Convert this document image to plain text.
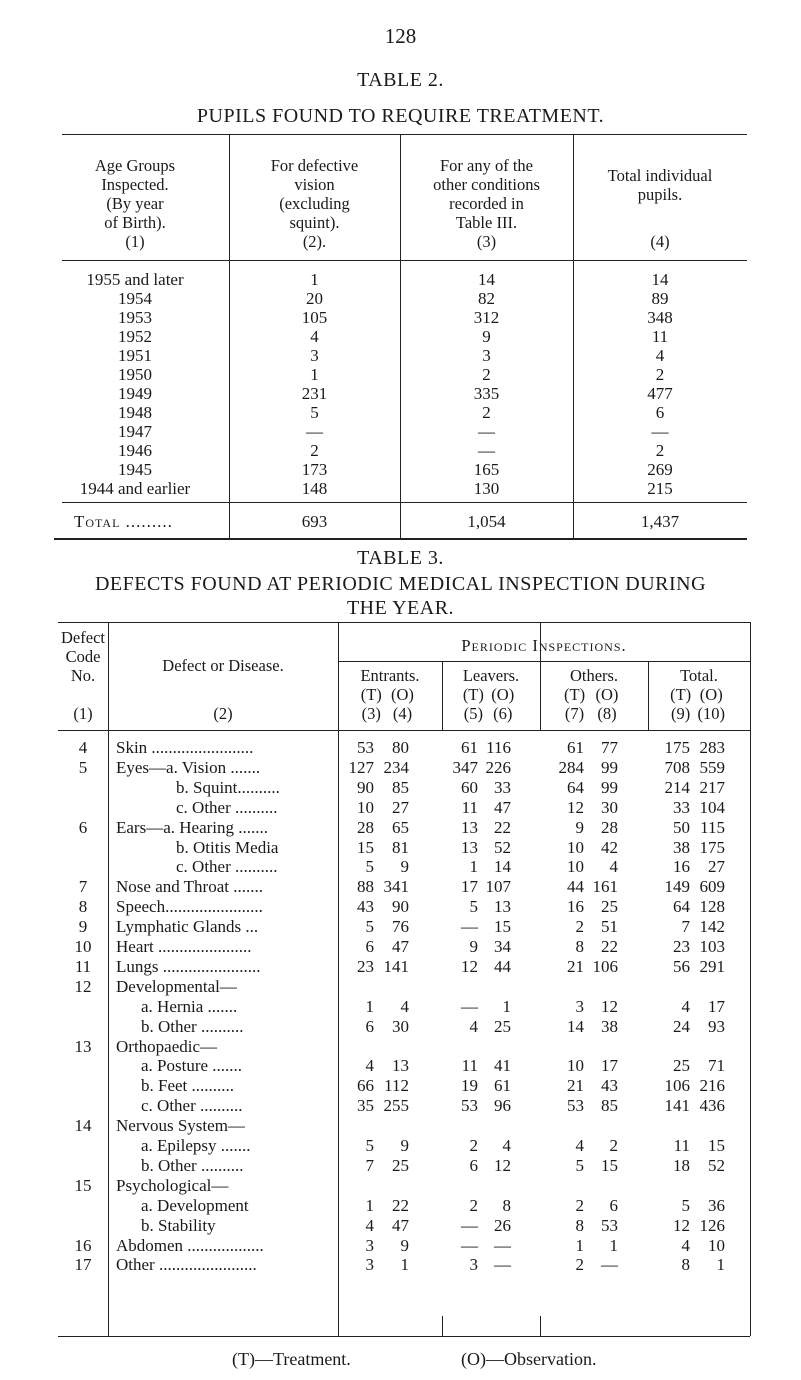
128
TABLE 2.
PUPILS FOUND TO REQUIRE TREATMENT.
Age Groups
Inspected.
(By year
of Birth).
(1)
For defective
vision
(excluding
squint).
(2).
For any of the
other conditions
recorded in
Table III.
(3)
Total individual
pupils.
(4)
1955 and later	1	14	14
1954	20	82	89
1953	105	312	348
1952	4	9	11
1951	3	3	4
1950	1	2	2
1949	231	335	477
1948	5	2	6
1947	—	—	—
1946	2	—	2
1945	173	165	269
1944 and earlier	148	130	215
Total .........	693	1,054	1,437
TABLE 3.
DEFECTS FOUND AT PERIODIC MEDICAL INSPECTION DURING
THE YEAR.
Defect
Code
No.
(1)
Defect or Disease.
(2)
Periodic Inspections.
Entrants.
(T) (O)
(3) (4)
Leavers.
(T) (O)
(5) (6)
Others.
(T) (O)
(7) (8)
Total.
(T) (O)
(9) (10)
4	Skin ........................	53	80	61 116	61	77	175 283
5	Eyes—a. Vision .......	127 234	347 226	284	99	708 559
b. Squint..........	90	85	60 33	64	99	214 217
c. Other ..........	10	27	11 47	12	30	33 104
6	Ears—a. Hearing .......	28	65	13 22	9	28	50 115
b. Otitis Media	15	81	13 52	10	42	38 175
c. Other ..........	5	9	1 14	10	4	16	27
7	Nose and Throat .......	88 341	17 107	44 161	149 609
8	Speech.......................	43	90	5 13	16	25	64 128
9	Lymphatic Glands ...	5	76	— 15	2	51	7 142
10	Heart ......................	6	47	9 34	8	22	23 103
11	Lungs .......................	23 141	12 44	21 106	56 291
12	Developmental—
a. Hernia .......	1	4	—	1	3	12	4	17
b. Other ..........	6	30	4 25	14	38	24	93
13	Orthopaedic—
a. Posture .......	4	13	11 41	10	17	25	71
b. Feet ..........	66 112	19 61	21	43	106 216
c. Other ..........	35 255	53 96	53	85	141 436
14	Nervous System—
a. Epilepsy .......	5	9	2	4	4	2	11	15
b. Other ..........	7	25	6 12	5	15	18	52
15	Psychological—
a. Development	1	22	2	8	2	6	5	36
b. Stability	4	47	— 26	8	53	12 126
16	Abdomen ..................	3	9	— —	1	1	4	10
17	Other .......................	3	1	3 —	2	—	8	1
(T)—Treatment.	(O)—Observation.
